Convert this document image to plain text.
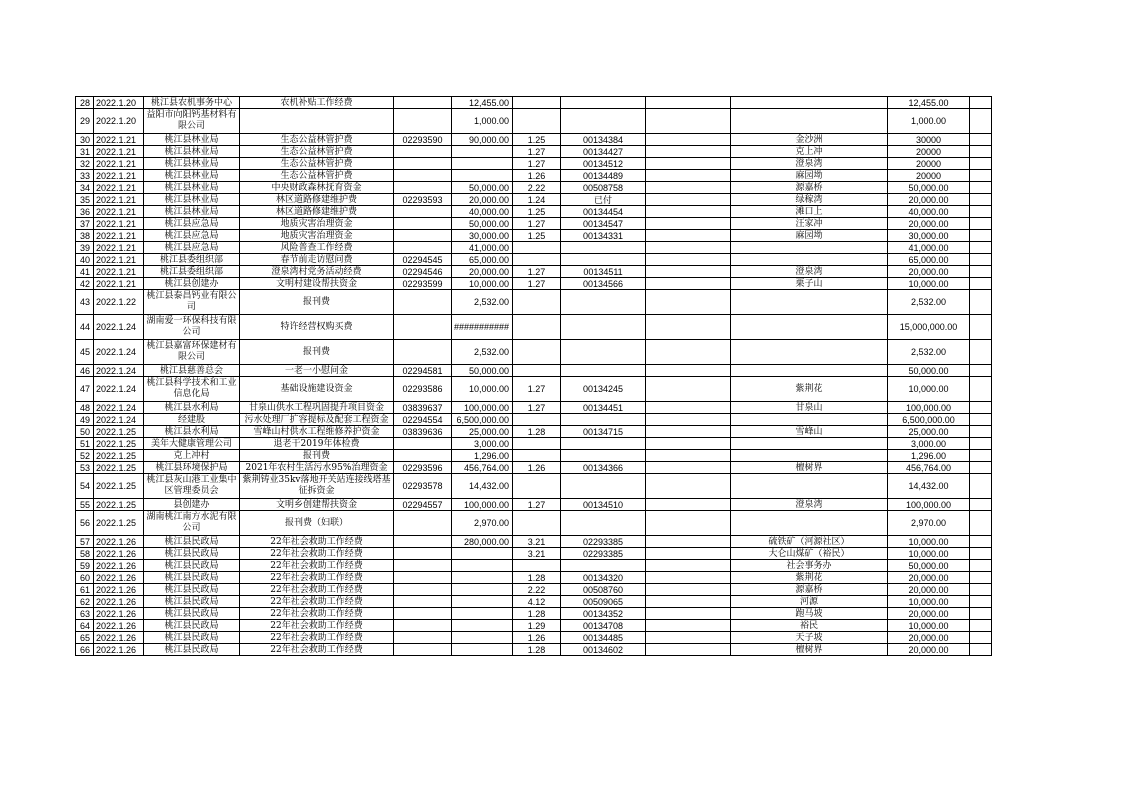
28	2022.1.20	桃江县农机事务中心	农机补贴工作经费		12,455.00					12,455.00	
29	2022.1.20	益阳市向阳钙基材料有限公司			1,000.00					1,000.00	
30	2022.1.21	桃江县林业局	生态公益林管护费	02293590	90,000.00	1.25	00134384		金沙洲	30000	
31	2022.1.21	桃江县林业局	生态公益林管护费			1.27	00134427		克上冲	20000	
32	2022.1.21	桃江县林业局	生态公益林管护费			1.27	00134512		澄泉湾	20000	
33	2022.1.21	桃江县林业局	生态公益林管护费			1.26	00134489		麻园坳	20000	
34	2022.1.21	桃江县林业局	中央财政森林抚育资金		50,000.00	2.22	00508758		源嘉桥	50,000.00	
35	2022.1.21	桃江县林业局	林区道路修建维护费	02293593	20,000.00	1.24	已付		绿稼湾	20,000.00	
36	2022.1.21	桃江县林业局	林区道路修建维护费		40,000.00	1.25	00134454		滩口上	40,000.00	
37	2022.1.21	桃江县应急局	地质灾害治理资金		50,000.00	1.27	00134547		汪家冲	20,000.00	
38	2022.1.21	桃江县应急局	地质灾害治理资金		30,000.00	1.25	00134331		麻园坳	30,000.00	
39	2022.1.21	桃江县应急局	风险普查工作经费		41,000.00					41,000.00	
40	2022.1.21	桃江县委组织部	春节前走访慰问费	02294545	65,000.00					65,000.00	
41	2022.1.21	桃江县委组织部	澄泉湾村党务活动经费	02294546	20,000.00	1.27	00134511		澄泉湾	20,000.00	
42	2022.1.21	桃江县创建办	文明村建设帮扶资金	02293599	10,000.00	1.27	00134566		栗子山	10,000.00	
43	2022.1.22	桃江县泰昌钙业有限公司	报刊费		2,532.00					2,532.00	
44	2022.1.24	湖南爱一环保科技有限公司	特许经营权购买费		###########					15,000,000.00	
45	2022.1.24	桃江县嘉富环保建材有限公司	报刊费		2,532.00					2,532.00	
46	2022.1.24	桃江县慈善总会	一老一小慰问金	02294581	50,000.00					50,000.00	
47	2022.1.24	桃江县科学技术和工业信息化局	基础设施建设资金	02293586	10,000.00	1.27	00134245		紫荆花	10,000.00	
48	2022.1.24	桃江县水利局	甘泉山供水工程巩固提升项目资金	03839637	100,000.00	1.27	00134451		甘泉山	100,000.00	
49	2022.1.24	经建股	污水处理厂扩容提标及配套工程资金	02294554	6,500,000.00					6,500,000.00	
50	2022.1.25	桃江县水利局	雪峰山村供水工程维修养护资金	03839636	25,000.00	1.28	00134715		雪峰山	25,000.00	
51	2022.1.25	美年大健康管理公司	退老干2019年体检费		3,000.00					3,000.00	
52	2022.1.25	克上冲村	报刊费		1,296.00					1,296.00	
53	2022.1.25	桃江县环境保护局	2021年农村生活污水95%治理资金	02293596	456,764.00	1.26	00134366		檀树界	456,764.00	
54	2022.1.25	桃江县灰山港工业集中区管理委员会	紫荆铸业35kv落地开关站连接线塔基征拆资金	02293578	14,432.00					14,432.00	
55	2022.1.25	县创建办	文明乡创建帮扶资金	02294557	100,000.00	1.27	00134510		澄泉湾	100,000.00	
56	2022.1.25	湖南桃江南方水泥有限公司	报刊费（妇联）		2,970.00					2,970.00	
57	2022.1.26	桃江县民政局	22年社会救助工作经费		280,000.00	3.21	02293385		硫铁矿（河源社区）	10,000.00	
58	2022.1.26	桃江县民政局	22年社会救助工作经费			3.21	02293385		大仑山煤矿（裕民）	10,000.00	
59	2022.1.26	桃江县民政局	22年社会救助工作经费						社会事务办	50,000.00	
60	2022.1.26	桃江县民政局	22年社会救助工作经费			1.28	00134320		紫荆花	20,000.00	
61	2022.1.26	桃江县民政局	22年社会救助工作经费			2.22	00508760		源嘉桥	20,000.00	
62	2022.1.26	桃江县民政局	22年社会救助工作经费			4.12	00509065		河源	10,000.00	
63	2022.1.26	桃江县民政局	22年社会救助工作经费			1.28	00134352		跑马坡	20,000.00	
64	2022.1.26	桃江县民政局	22年社会救助工作经费			1.29	00134708		裕民	10,000.00	
65	2022.1.26	桃江县民政局	22年社会救助工作经费			1.26	00134485		天子坡	20,000.00	
66	2022.1.26	桃江县民政局	22年社会救助工作经费			1.28	00134602		檀树界	20,000.00	
